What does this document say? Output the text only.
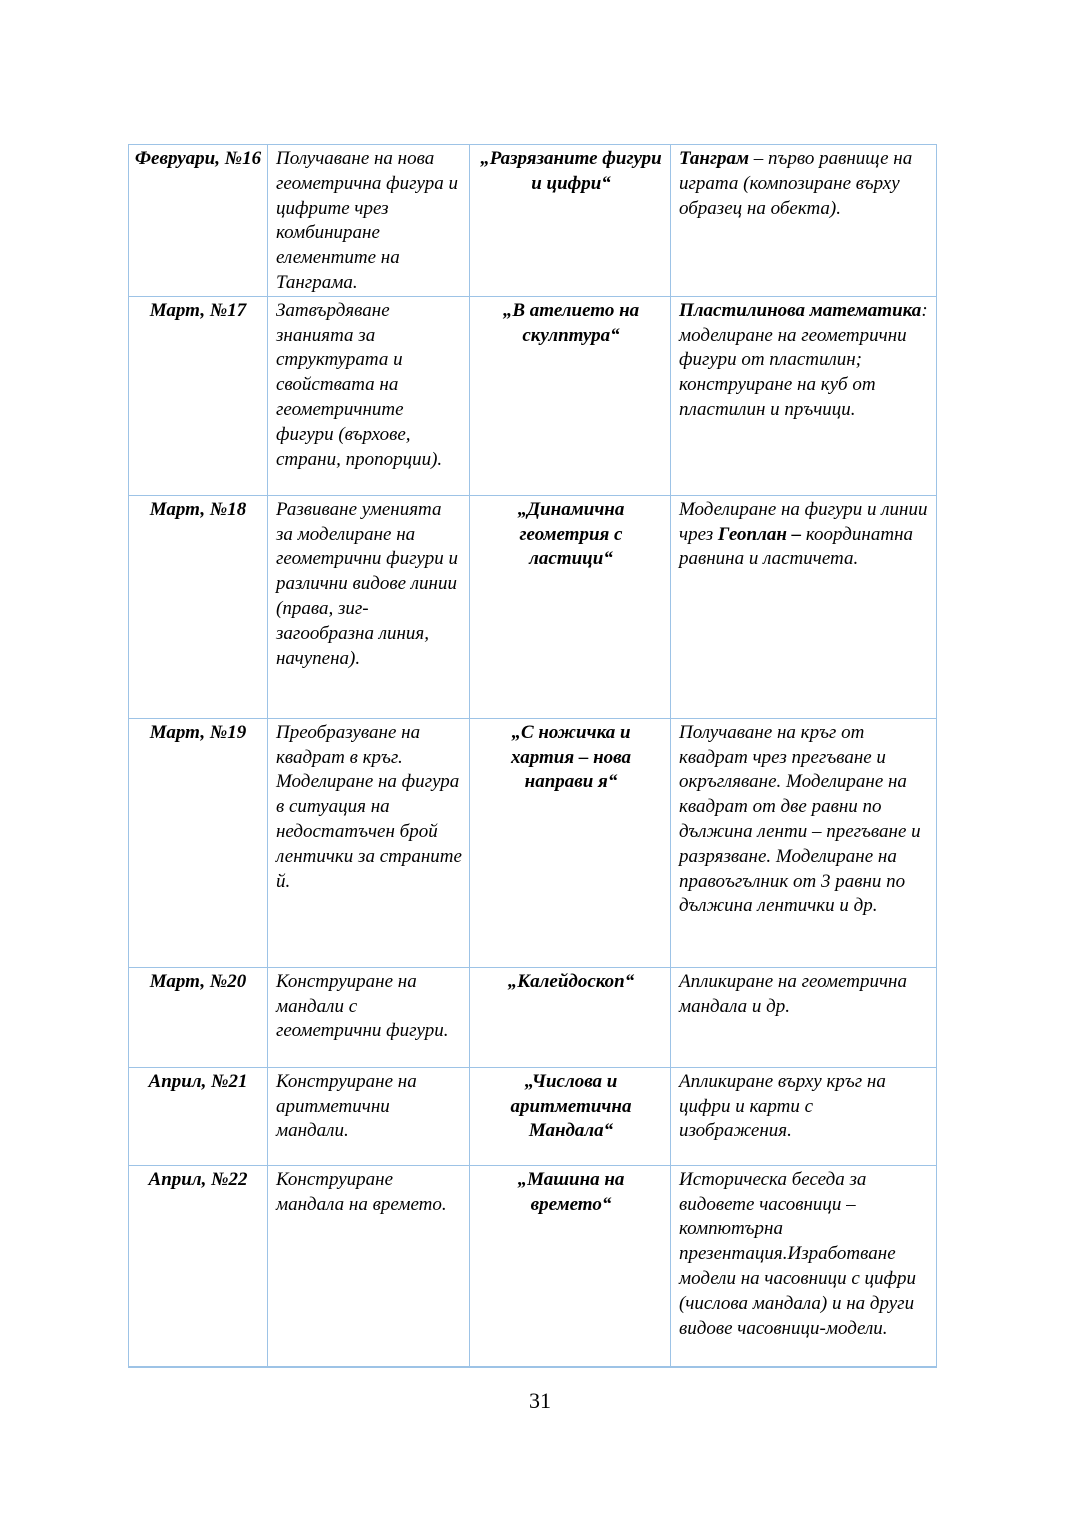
Февруари, №16	Получаване на нова геометрична фигура и цифрите чрез комбиниране елементите на Танграма.	„Разрязаните фигури и цифри“	Танграм – първо равнище на играта (композиране върху образец на обекта).
Март, №17	Затвърдяване знанията за структурата и свойствата на геометричните фигури (върхове, страни, пропорции).	„В ателието на скулптура“	Пластилинова математика: моделиране на геометрични фигури от пластилин; конструиране на куб от пластилин и пръчици.
Март, №18	Развиване уменията за моделиране на геометрични фигури и различни видове линии (права, зиг-загообразна линия, начупена).	„Динамична геометрия с ластици“	Моделиране на фигури и линии чрез Геоплан – координатна равнина и ластичета.
Март, №19	Преобразуване на квадрат в кръг. Моделиране на фигура в ситуация на недостатъчен брой лентички за страните й.	„С ножичка и хартия – нова направи я“	Получаване на кръг от квадрат чрез прегъване и окръгляване. Моделиране на квадрат от две равни по дължина ленти – прегъване и разрязване. Моделиране на правоъгълник от 3 равни по дължина лентички и др.
Март, №20	Конструиране на мандали с геометрични фигури.	„Калейдоскоп“	Апликиране на геометрична мандала и др.
Април, №21	Конструиране на аритметични мандали.	„Числова и аритметична Мандала“	Апликиране върху кръг на цифри и карти с изображения.
Април, №22	Конструиране мандала на времето.	„Машина на времето“	Историческа беседа за видовете часовници – компютърна презентация.Изработване модели на часовници с цифри (числова мандала) и на други видове часовници-модели.
31
